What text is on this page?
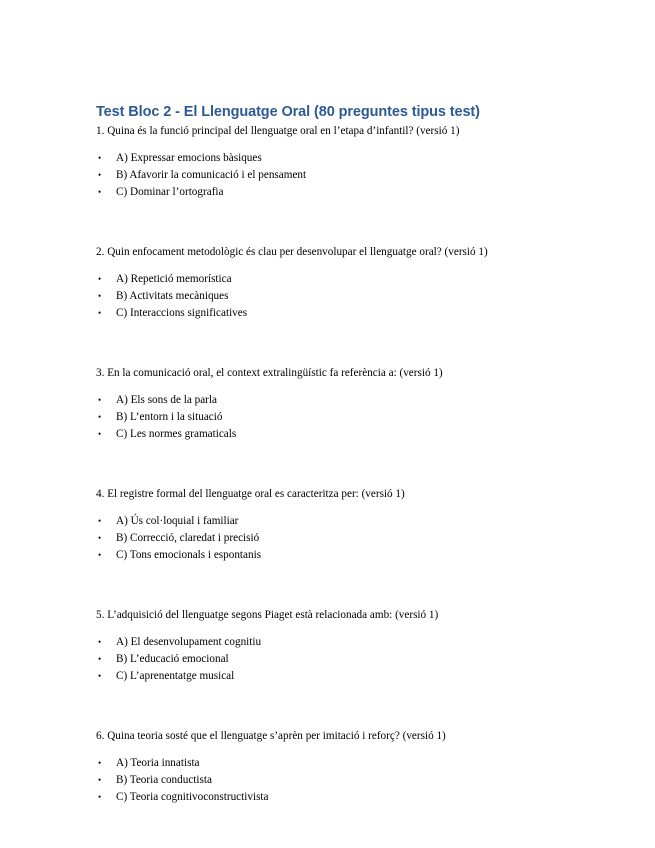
Test Bloc 2 - El Llenguatge Oral (80 preguntes tipus test)

1. Quina és la funció principal del llenguatge oral en l’etapa d’infantil? (versió 1)

• A) Expressar emocions bàsiques
• B) Afavorir la comunicació i el pensament
• C) Dominar l’ortografia

2. Quin enfocament metodològic és clau per desenvolupar el llenguatge oral? (versió 1)

• A) Repetició memorística
• B) Activitats mecàniques
• C) Interaccions significatives

3. En la comunicació oral, el context extralingüístic fa referència a: (versió 1)

• A) Els sons de la parla
• B) L’entorn i la situació
• C) Les normes gramaticals

4. El registre formal del llenguatge oral es caracteritza per: (versió 1)

• A) Ús col·loquial i familiar
• B) Correcció, claredat i precisió
• C) Tons emocionals i espontanis

5. L’adquisició del llenguatge segons Piaget està relacionada amb: (versió 1)

• A) El desenvolupament cognitiu
• B) L’educació emocional
• C) L’aprenentatge musical

6. Quina teoria sosté que el llenguatge s’aprèn per imitació i reforç? (versió 1)

• A) Teoria innatista
• B) Teoria conductista
• C) Teoria cognitivoconstructivista
